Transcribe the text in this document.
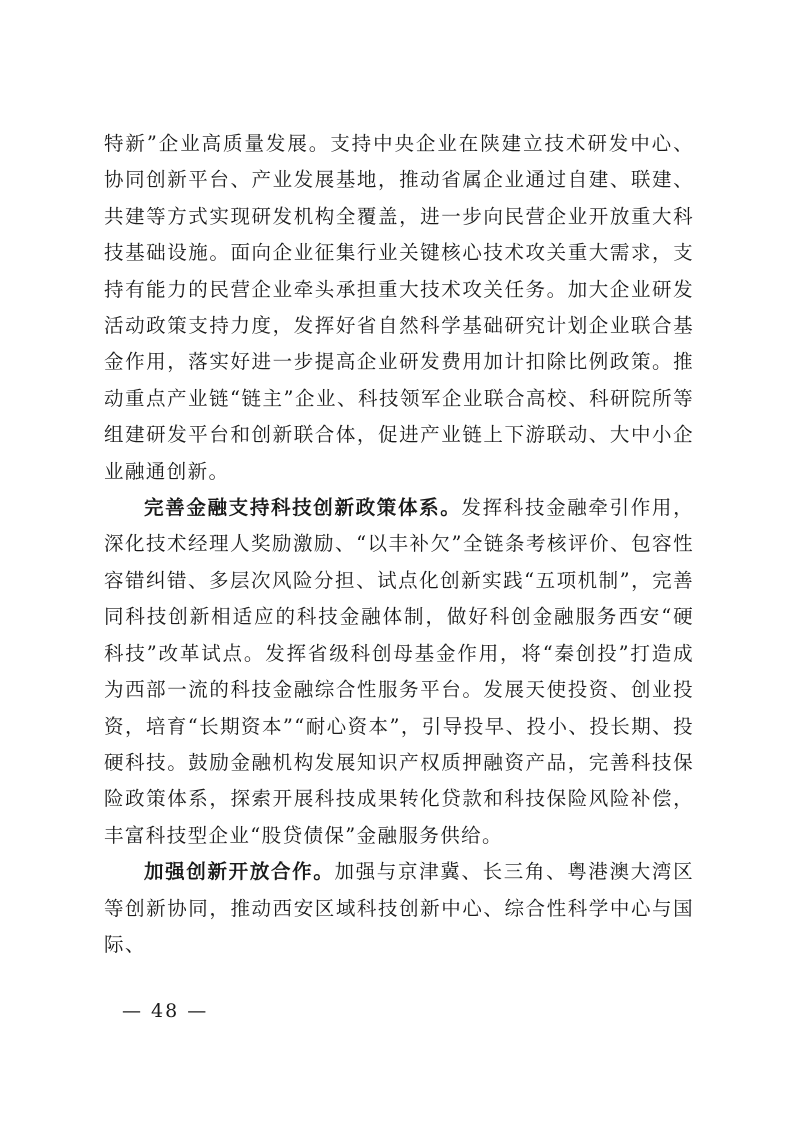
特新”企业高质量发展。支持中央企业在陕建立技术研发中心、协同创新平台、产业发展基地，推动省属企业通过自建、联建、共建等方式实现研发机构全覆盖，进一步向民营企业开放重大科技基础设施。面向企业征集行业关键核心技术攻关重大需求，支持有能力的民营企业牵头承担重大技术攻关任务。加大企业研发活动政策支持力度，发挥好省自然科学基础研究计划企业联合基金作用，落实好进一步提高企业研发费用加计扣除比例政策。推动重点产业链“链主”企业、科技领军企业联合高校、科研院所等组建研发平台和创新联合体，促进产业链上下游联动、大中小企业融通创新。

完善金融支持科技创新政策体系。发挥科技金融牵引作用，深化技术经理人奖励激励、“以丰补欠”全链条考核评价、包容性容错纠错、多层次风险分担、试点化创新实践“五项机制”，完善同科技创新相适应的科技金融体制，做好科创金融服务西安“硬科技”改革试点。发挥省级科创母基金作用，将“秦创投”打造成为西部一流的科技金融综合性服务平台。发展天使投资、创业投资，培育“长期资本”“耐心资本”，引导投早、投小、投长期、投硬科技。鼓励金融机构发展知识产权质押融资产品，完善科技保险政策体系，探索开展科技成果转化贷款和科技保险风险补偿，丰富科技型企业“股贷债保”金融服务供给。

加强创新开放合作。加强与京津冀、长三角、粤港澳大湾区等创新协同，推动西安区域科技创新中心、综合性科学中心与国际、

— 48 —
